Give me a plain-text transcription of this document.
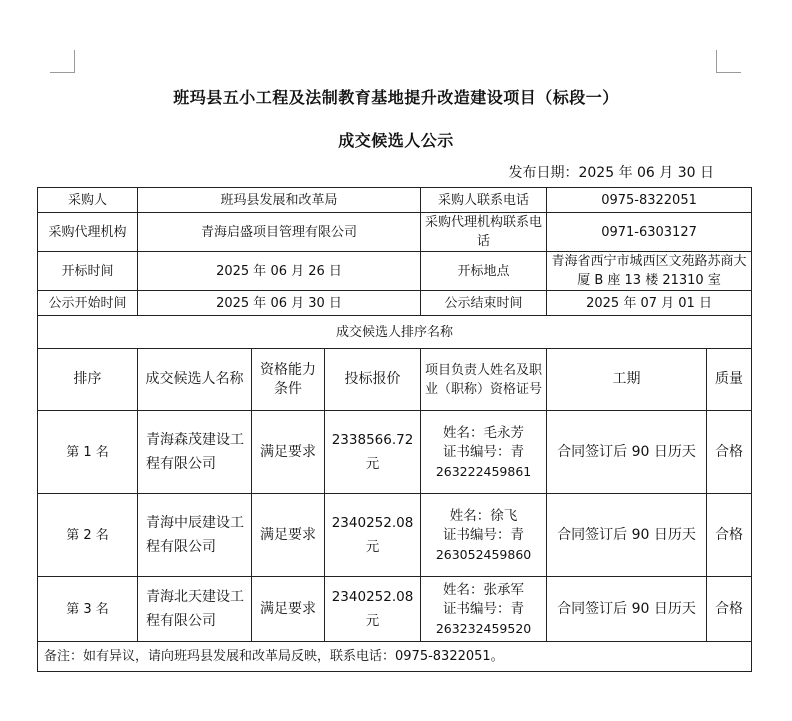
班玛县五小工程及法制教育基地提升改造建设项目（标段一）
成交候选人公示
发布日期：2025 年 06 月 30 日
采购人	班玛县发展和改革局			采购人联系电话	0975-8322051	
采购代理机构	青海启盛项目管理有限公司			采购代理机构联系电话	0971-6303127	
开标时间	2025 年 06 月 26 日			开标地点	青海省西宁市城西区文苑路苏商大厦 B 座 13 楼 21310 室	
公示开始时间	2025 年 06 月 30 日			公示结束时间	2025 年 07 月 01 日	
成交候选人排序名称						
排序	成交候选人名称	资格能力条件	投标报价	项目负责人姓名及职业（职称）资格证号	工期	质量
第 1 名	青海森茂建设工程有限公司	满足要求	2338566.72 元	姓名：毛永芳
证书编号：青
263222459861	合同签订后 90 日历天	合格
第 2 名	青海中辰建设工程有限公司	满足要求	2340252.08 元	姓名：徐飞
证书编号：青
263052459860	合同签订后 90 日历天	合格
第 3 名	青海北天建设工程有限公司	满足要求	2340252.08 元	姓名：张承军
证书编号：青
263232459520	合同签订后 90 日历天	合格
备注：如有异议，请向班玛县发展和改革局反映，联系电话：0975-8322051。						
